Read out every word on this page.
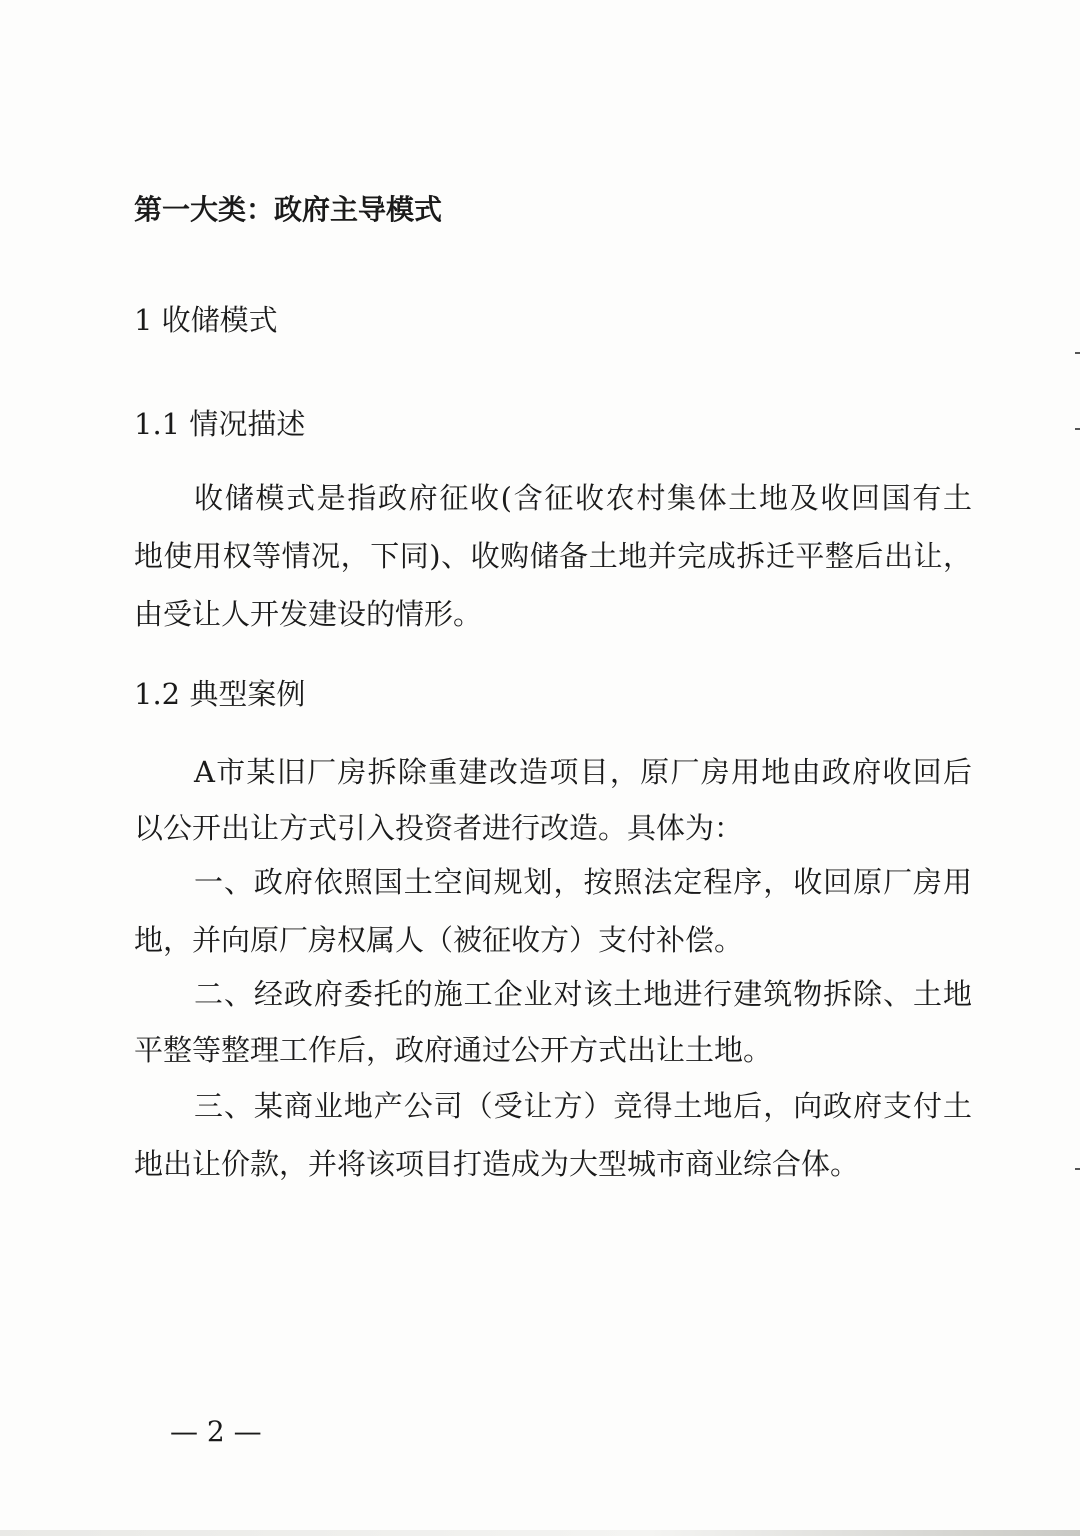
第一大类：政府主导模式
1 收储模式
1.1 情况描述
收储模式是指政府征收(含征收农村集体土地及收回国有土
地使用权等情况，下同)、收购储备土地并完成拆迁平整后出让，
由受让人开发建设的情形。
1.2 典型案例
A市某旧厂房拆除重建改造项目，原厂房用地由政府收回后
以公开出让方式引入投资者进行改造。具体为：
一、政府依照国土空间规划，按照法定程序，收回原厂房用
地，并向原厂房权属人（被征收方）支付补偿。
二、经政府委托的施工企业对该土地进行建筑物拆除、土地
平整等整理工作后，政府通过公开方式出让土地。
三、某商业地产公司（受让方）竞得土地后，向政府支付土
地出让价款，并将该项目打造成为大型城市商业综合体。
— 2 —
